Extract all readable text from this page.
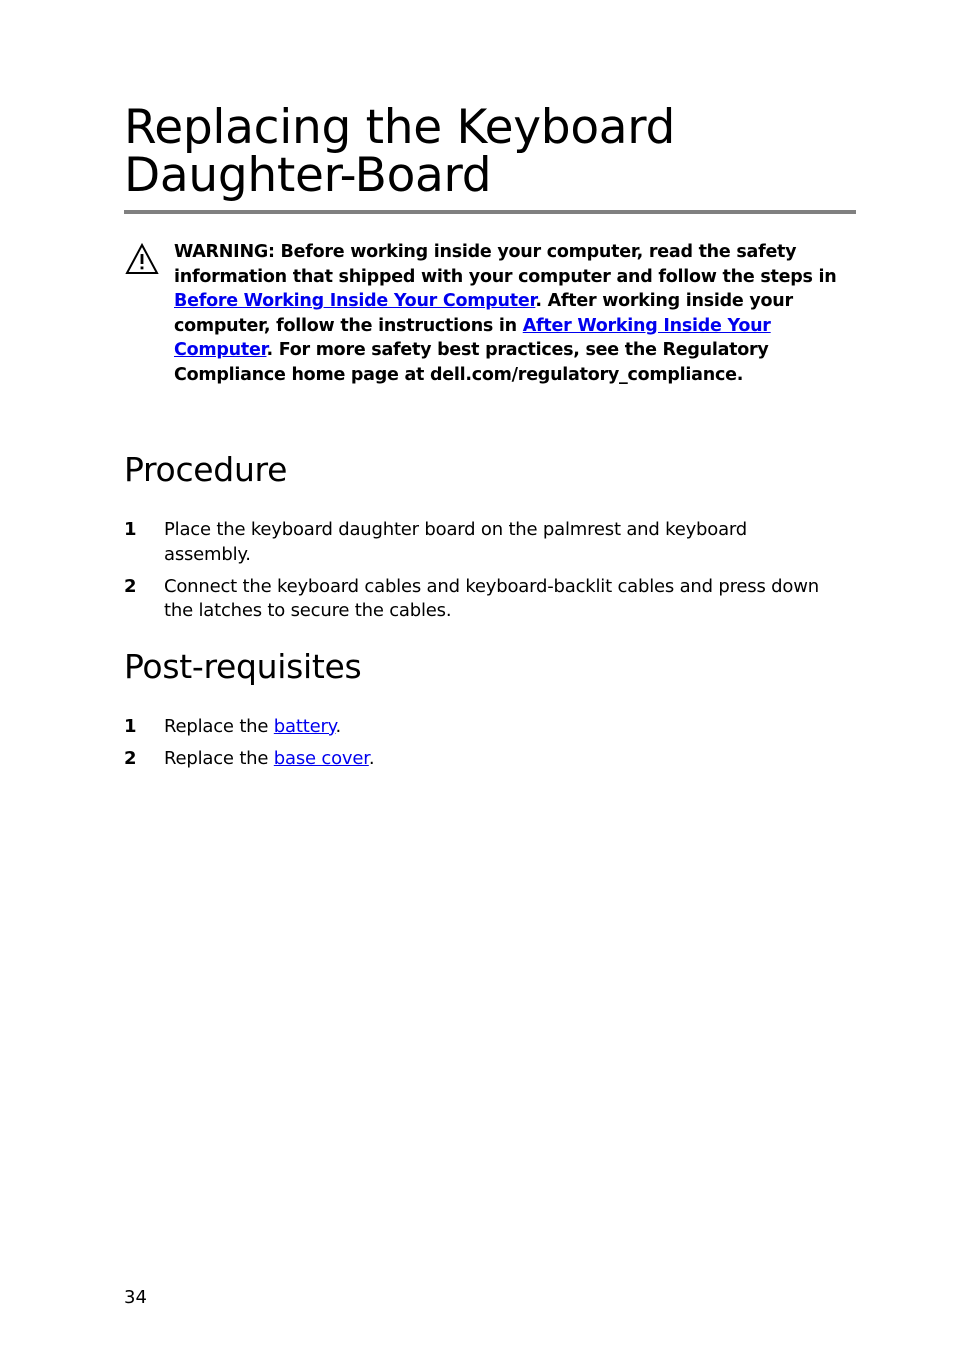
Replacing the Keyboard Daughter-Board

WARNING: Before working inside your computer, read the safety information that shipped with your computer and follow the steps in Before Working Inside Your Computer. After working inside your computer, follow the instructions in After Working Inside Your Computer. For more safety best practices, see the Regulatory Compliance home page at dell.com/regulatory_compliance.

Procedure
1 Place the keyboard daughter board on the palmrest and keyboard assembly.
2 Connect the keyboard cables and keyboard-backlit cables and press down the latches to secure the cables.
Post-requisites
1 Replace the battery.
2 Replace the base cover.
34
